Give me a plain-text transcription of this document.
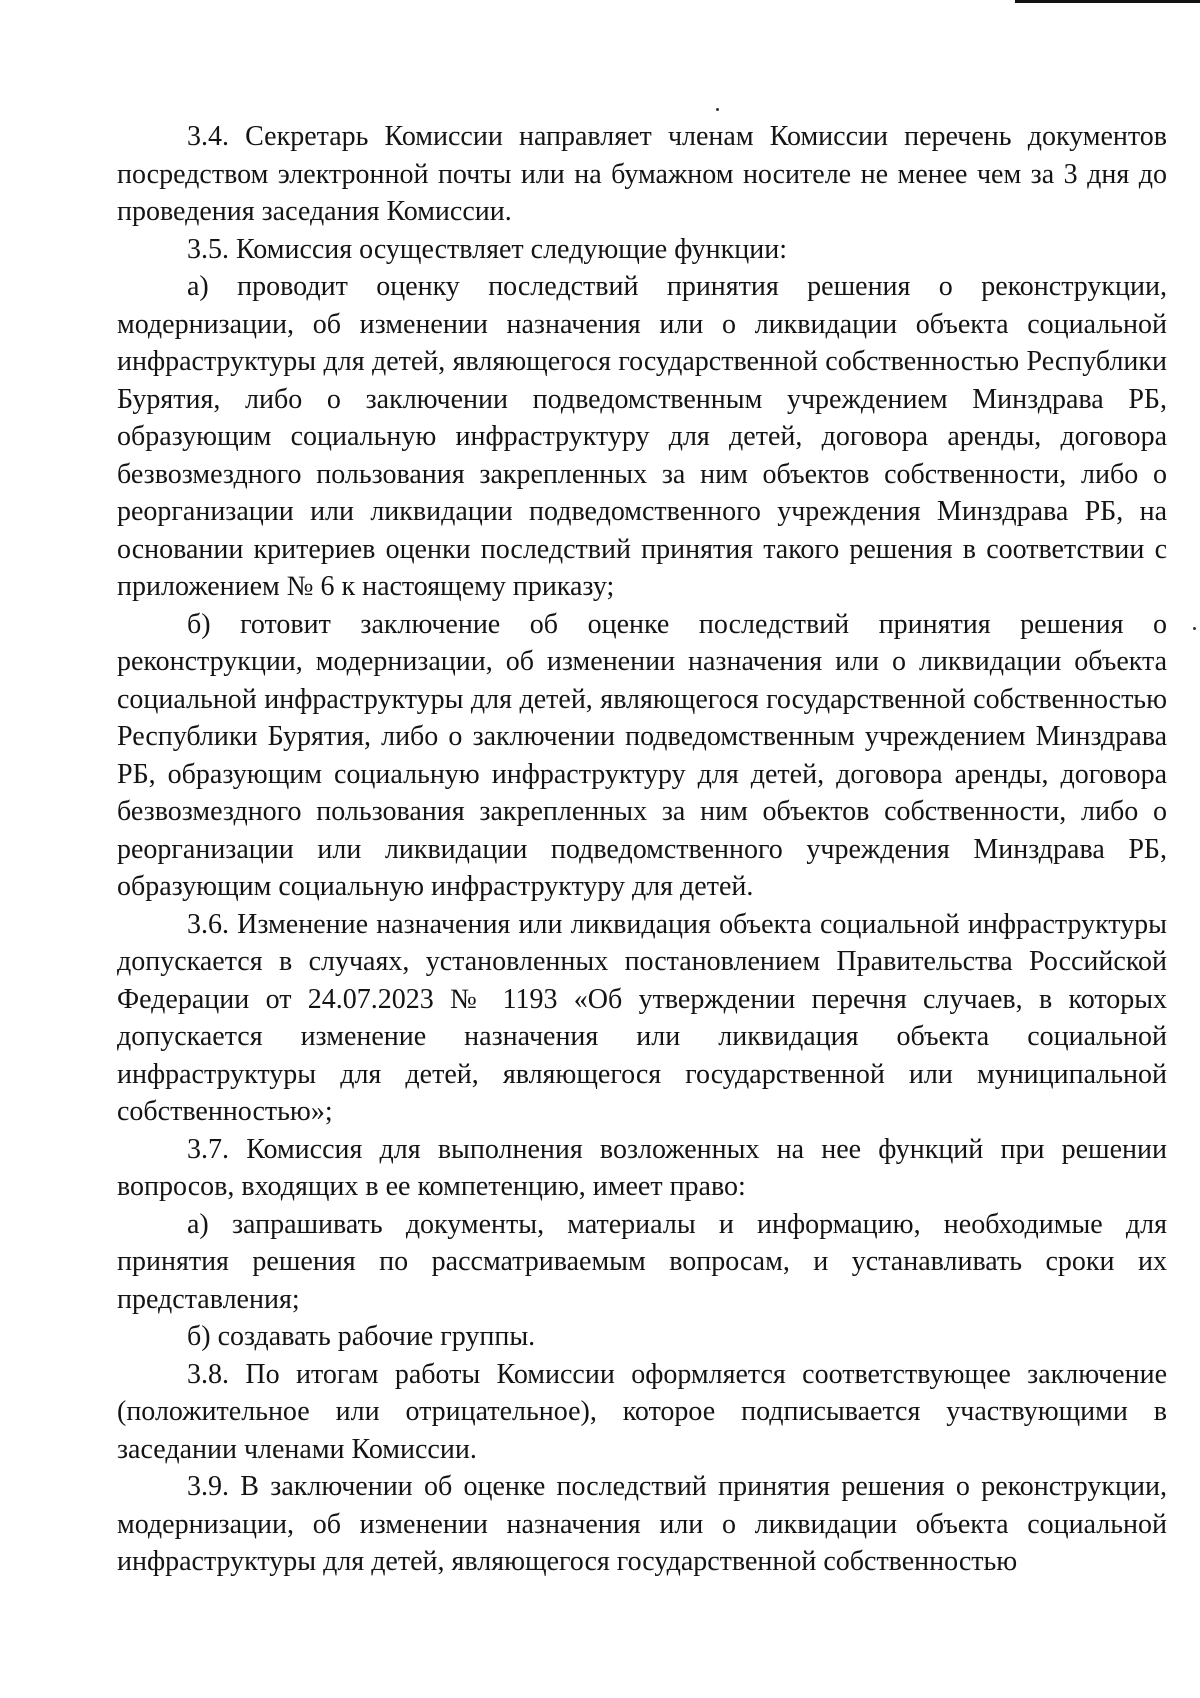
3.4. Секретарь Комиссии направляет членам Комиссии перечень документов посредством электронной почты или на бумажном носителе не менее чем за 3 дня до проведения заседания Комиссии.

3.5. Комиссия осуществляет следующие функции:

а) проводит оценку последствий принятия решения о реконструкции, модернизации, об изменении назначения или о ликвидации объекта социальной инфраструктуры для детей, являющегося государственной собственностью Республики Бурятия, либо о заключении подведомственным учреждением Минздрава РБ, образующим социальную инфраструктуру для детей, договора аренды, договора безвозмездного пользования закрепленных за ним объектов собственности, либо о реорганизации или ликвидации подведомственного учреждения Минздрава РБ, на основании критериев оценки последствий принятия такого решения в соответствии с приложением № 6 к настоящему приказу;

б) готовит заключение об оценке последствий принятия решения о реконструкции, модернизации, об изменении назначения или о ликвидации объекта социальной инфраструктуры для детей, являющегося государственной собственностью Республики Бурятия, либо о заключении подведомственным учреждением Минздрава РБ, образующим социальную инфраструктуру для детей, договора аренды, договора безвозмездного пользования закрепленных за ним объектов собственности, либо о реорганизации или ликвидации подведомственного учреждения Минздрава РБ, образующим социальную инфраструктуру для детей.

3.6. Изменение назначения или ликвидация объекта социальной инфраструктуры допускается в случаях, установленных постановлением Правительства Российской Федерации от 24.07.2023 № 1193 «Об утверждении перечня случаев, в которых допускается изменение назначения или ликвидация объекта социальной инфраструктуры для детей, являющегося государственной или муниципальной собственностью»;

3.7. Комиссия для выполнения возложенных на нее функций при решении вопросов, входящих в ее компетенцию, имеет право:

а) запрашивать документы, материалы и информацию, необходимые для принятия решения по рассматриваемым вопросам, и устанавливать сроки их представления;

б) создавать рабочие группы.

3.8. По итогам работы Комиссии оформляется соответствующее заключение (положительное или отрицательное), которое подписывается участвующими в заседании членами Комиссии.

3.9. В заключении об оценке последствий принятия решения о реконструкции, модернизации, об изменении назначения или о ликвидации объекта социальной инфраструктуры для детей, являющегося государственной собственностью
